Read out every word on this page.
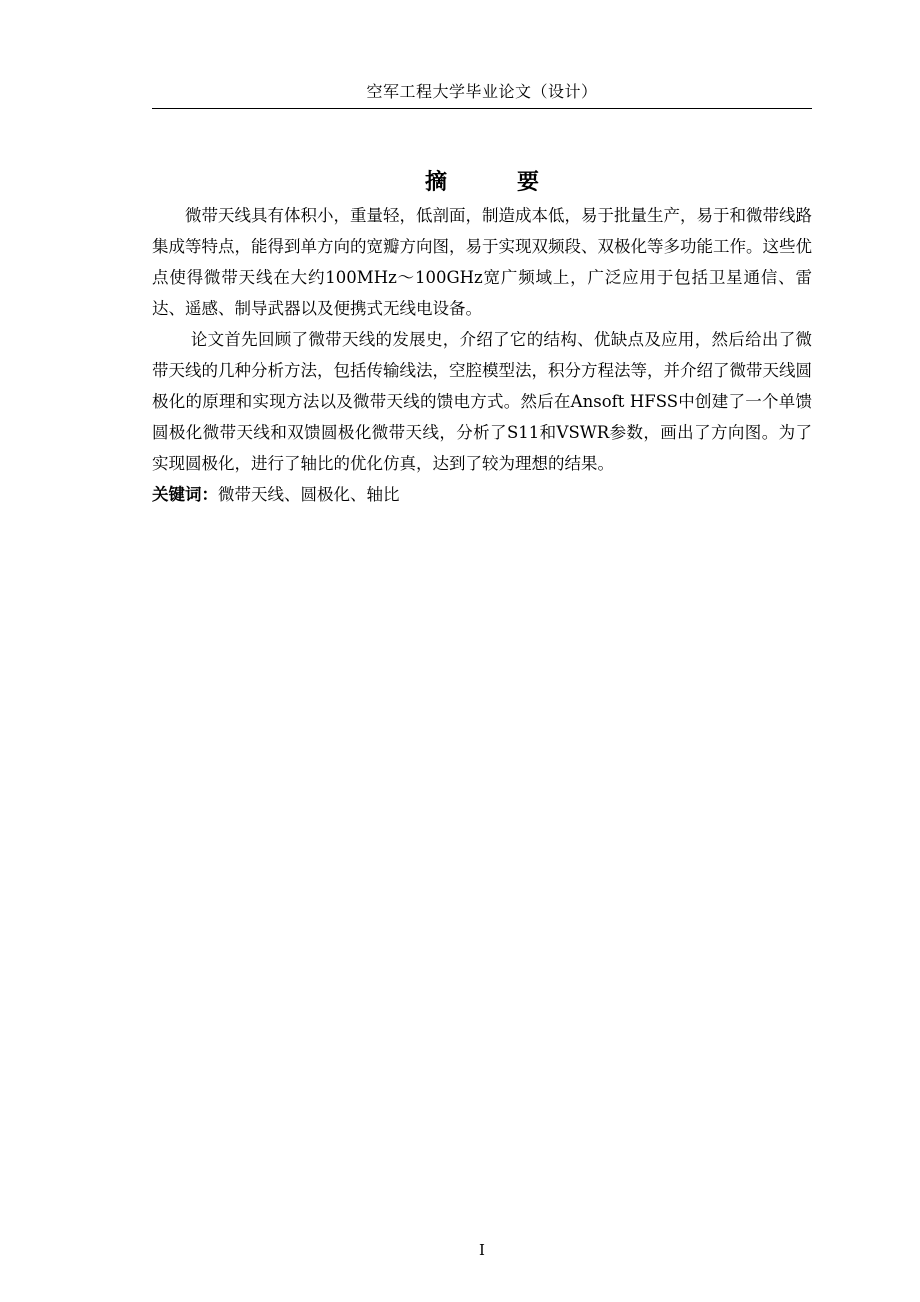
空军工程大学毕业论文（设计）
摘　要

微带天线具有体积小，重量轻，低剖面，制造成本低，易于批量生产，易于和微带线路集成等特点，能得到单方向的宽瓣方向图，易于实现双频段、双极化等多功能工作。这些优点使得微带天线在大约100MHz～100GHz宽广频域上，广泛应用于包括卫星通信、雷达、遥感、制导武器以及便携式无线电设备。

论文首先回顾了微带天线的发展史，介绍了它的结构、优缺点及应用，然后给出了微带天线的几种分析方法，包括传输线法，空腔模型法，积分方程法等，并介绍了微带天线圆极化的原理和实现方法以及微带天线的馈电方式。然后在Ansoft HFSS中创建了一个单馈圆极化微带天线和双馈圆极化微带天线，分析了S11和VSWR参数，画出了方向图。为了实现圆极化，进行了轴比的优化仿真，达到了较为理想的结果。

关键词：微带天线、圆极化、轴比
I
